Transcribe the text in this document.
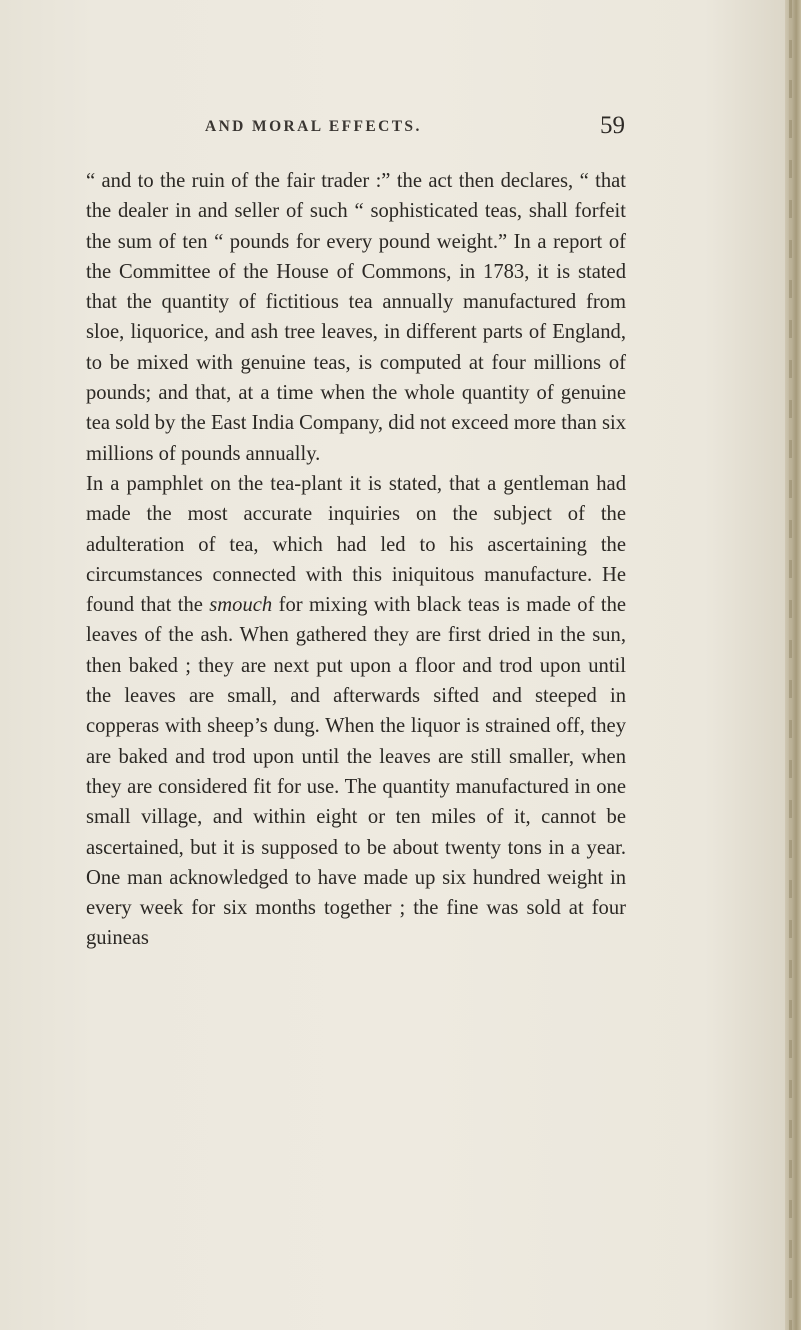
AND MORAL EFFECTS.	59

“ and to the ruin of the fair trader :” the act then declares, “ that the dealer in and seller of such “ sophisticated teas, shall forfeit the sum of ten “ pounds for every pound weight.” In a report of the Committee of the House of Commons, in 1783, it is stated that the quantity of fictitious tea annually manufactured from sloe, liquorice, and ash tree leaves, in different parts of England, to be mixed with genuine teas, is computed at four millions of pounds; and that, at a time when the whole quantity of genuine tea sold by the East India Company, did not exceed more than six millions of pounds annually.

In a pamphlet on the tea-plant it is stated, that a gentleman had made the most accurate inquiries on the subject of the adulteration of tea, which had led to his ascertaining the circumstances connected with this iniquitous manufacture. He found that the smouch for mixing with black teas is made of the leaves of the ash. When gathered they are first dried in the sun, then baked ; they are next put upon a floor and trod upon until the leaves are small, and afterwards sifted and steeped in copperas with sheep’s dung. When the liquor is strained off, they are baked and trod upon until the leaves are still smaller, when they are considered fit for use. The quantity manufactured in one small village, and within eight or ten miles of it, cannot be ascertained, but it is supposed to be about twenty tons in a year. One man acknowledged to have made up six hundred weight in every week for six months together ; the fine was sold at four guineas
